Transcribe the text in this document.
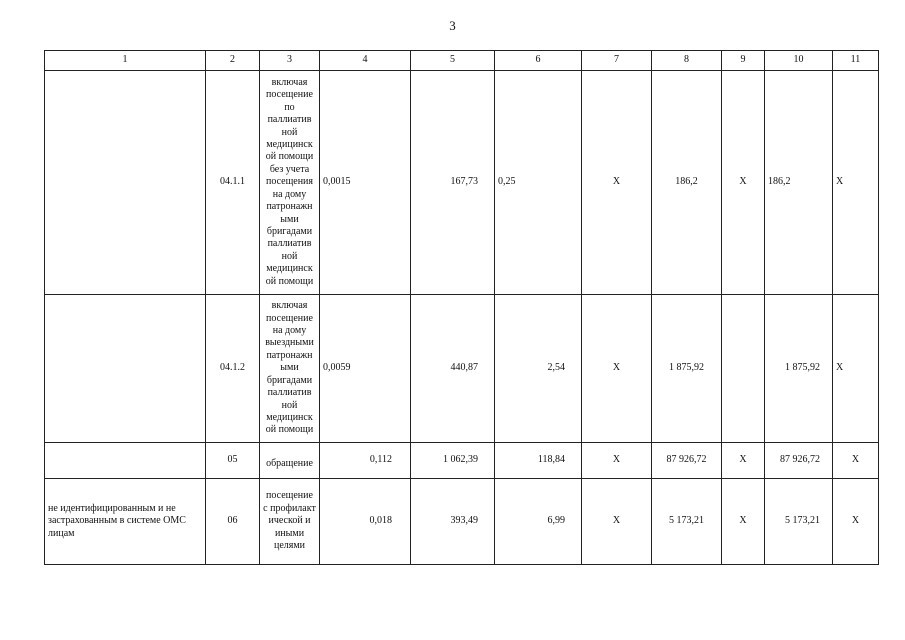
3
1	2	3	4	5	6	7	8	9	10	11
	04.1.1	включая посещение по паллиатив ной медицинск ой помощи без учета посещения на дому патронажн ыми бригадами паллиатив ной медицинск ой помощи	0,0015	167,73	0,25	Х	186,2	Х	186,2	Х
	04.1.2	включая посещение на дому выездными патронажн ыми бригадами паллиатив ной медицинск ой помощи	0,0059	440,87	2,54	Х	1 875,92		1 875,92	Х
	05	обращение	0,112	1 062,39	118,84	Х	87 926,72	Х	87 926,72	Х
не идентифицированным и не застрахованным в системе ОМС лицам	06	посещение с профилакт ической и иными целями	0,018	393,49	6,99	Х	5 173,21	Х	5 173,21	Х
